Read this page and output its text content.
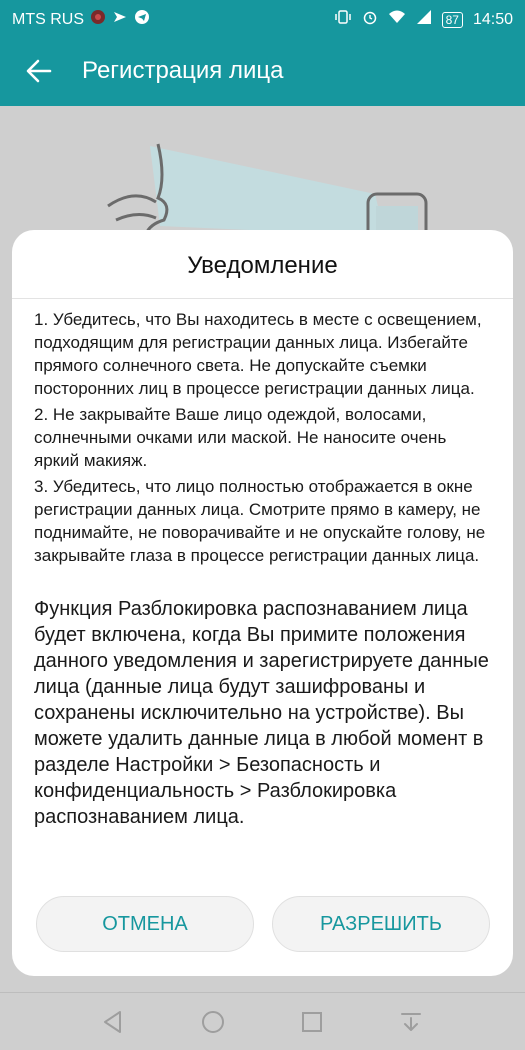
MTS RUS	87 14:50
Регистрация лица
Уведомление

1. Убедитесь, что Вы находитесь в месте с освещением, подходящим для регистрации данных лица. Избегайте прямого солнечного света. Не допускайте съемки посторонних лиц в процессе регистрации данных лица.

2. Не закрывайте Ваше лицо одеждой, волосами, солнечными очками или маской. Не наносите очень яркий макияж.

3. Убедитесь, что лицо полностью отображается в окне регистрации данных лица. Смотрите прямо в камеру, не поднимайте, не поворачивайте и не опускайте голову, не закрывайте глаза в процессе регистрации данных лица.

Функция Разблокировка распознаванием лица будет включена, когда Вы примите положения данного уведомления и зарегистрируете данные лица (данные лица будут зашифрованы и сохранены исключительно на устройстве). Вы можете удалить данные лица в любой момент в разделе Настройки > Безопасность и конфиденциальность > Разблокировка распознаванием лица.

ОТМЕНА	РАЗРЕШИТЬ
